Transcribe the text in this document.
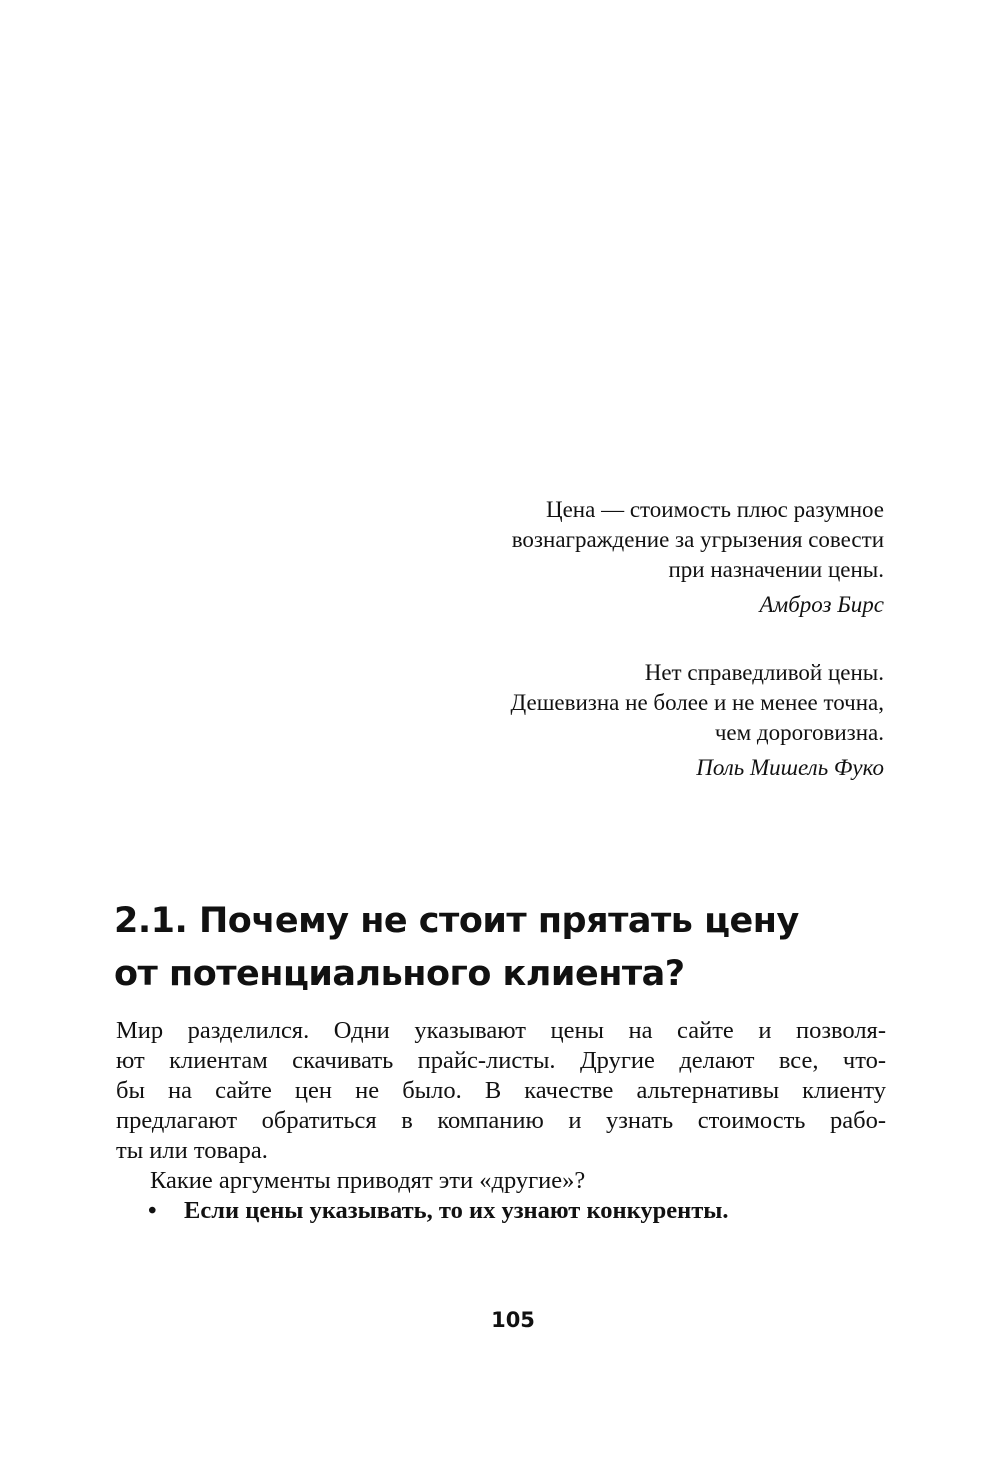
Цена — стоимость плюс разумное
вознаграждение за угрызения совести
при назначении цены.
Амброз Бирс
Нет справедливой цены.
Дешевизна не более и не менее точна,
чем дороговизна.
Поль Мишель Фуко
2.1. Почему не стоит прятать цену
от потенциального клиента?
Мир разделился. Одни указывают цены на сайте и позволя-
ют клиентам скачивать прайс-листы. Другие делают все, что-
бы на сайте цен не было. В качестве альтернативы клиенту
предлагают обратиться в компанию и узнать стоимость рабо-
ты или товара.
Какие аргументы приводят эти «другие»?
• Если цены указывать, то их узнают конкуренты.
105
